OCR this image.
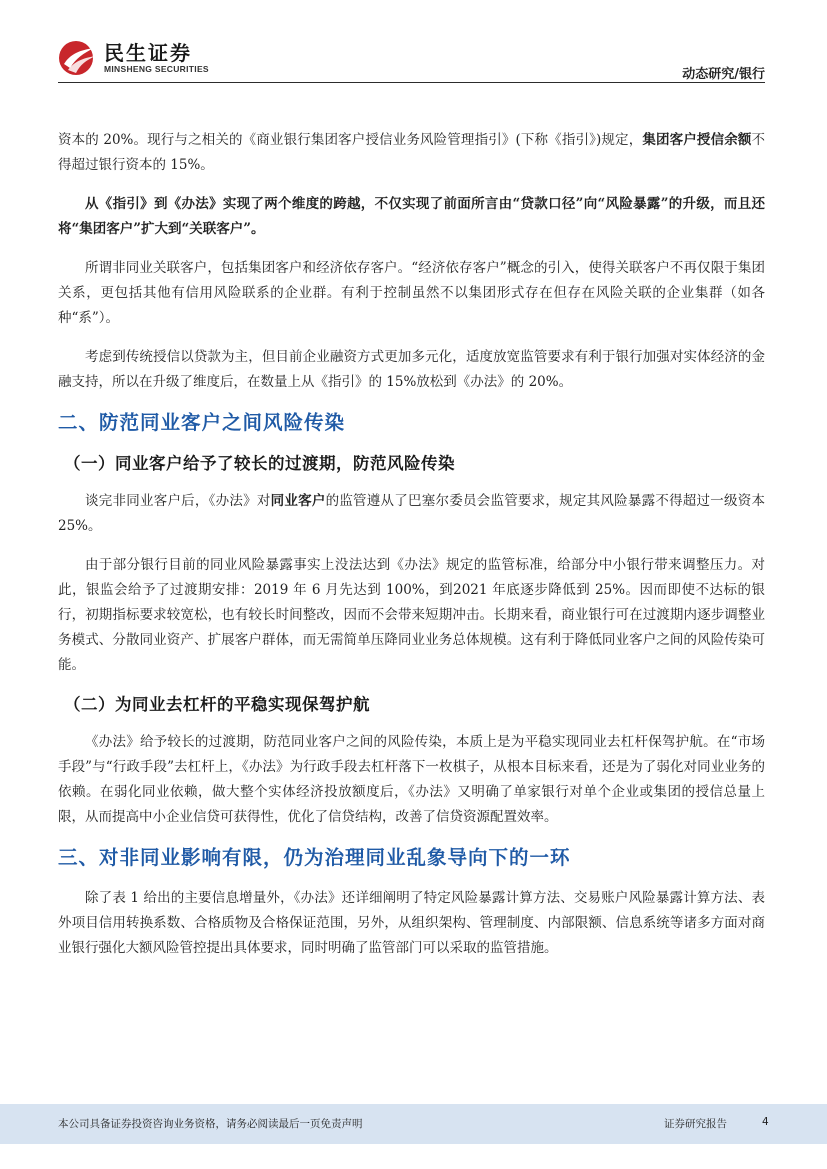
民生证券
MINSHENG SECURITIES	动态研究/银行

资本的 20%。现行与之相关的《商业银行集团客户授信业务风险管理指引》(下称《指引》)规定，集团客户授信余额不得超过银行资本的 15%。

从《指引》到《办法》实现了两个维度的跨越，不仅实现了前面所言由“贷款口径”向“风险暴露”的升级，而且还将“集团客户”扩大到“关联客户”。

所谓非同业关联客户，包括集团客户和经济依存客户。“经济依存客户”概念的引入，使得关联客户不再仅限于集团关系，更包括其他有信用风险联系的企业群。有利于控制虽然不以集团形式存在但存在风险关联的企业集群（如各种“系”）。

考虑到传统授信以贷款为主，但目前企业融资方式更加多元化，适度放宽监管要求有利于银行加强对实体经济的金融支持，所以在升级了维度后，在数量上从《指引》的 15%放松到《办法》的 20%。

二、防范同业客户之间风险传染
（一）同业客户给予了较长的过渡期，防范风险传染

谈完非同业客户后，《办法》对同业客户的监管遵从了巴塞尔委员会监管要求，规定其风险暴露不得超过一级资本 25%。

由于部分银行目前的同业风险暴露事实上没法达到《办法》规定的监管标准，给部分中小银行带来调整压力。对此，银监会给予了过渡期安排：2019 年 6 月先达到 100%，到2021 年底逐步降低到 25%。因而即使不达标的银行，初期指标要求较宽松，也有较长时间整改，因而不会带来短期冲击。长期来看，商业银行可在过渡期内逐步调整业务模式、分散同业资产、扩展客户群体，而无需简单压降同业业务总体规模。这有利于降低同业客户之间的风险传染可能。

（二）为同业去杠杆的平稳实现保驾护航

《办法》给予较长的过渡期，防范同业客户之间的风险传染，本质上是为平稳实现同业去杠杆保驾护航。在“市场手段”与“行政手段”去杠杆上，《办法》为行政手段去杠杆落下一枚棋子，从根本目标来看，还是为了弱化对同业业务的依赖。在弱化同业依赖，做大整个实体经济投放额度后，《办法》又明确了单家银行对单个企业或集团的授信总量上限，从而提高中小企业信贷可获得性，优化了信贷结构，改善了信贷资源配置效率。

三、对非同业影响有限，仍为治理同业乱象导向下的一环

除了表 1 给出的主要信息增量外，《办法》还详细阐明了特定风险暴露计算方法、交易账户风险暴露计算方法、表外项目信用转换系数、合格质物及合格保证范围，另外，从组织架构、管理制度、内部限额、信息系统等诸多方面对商业银行强化大额风险管控提出具体要求，同时明确了监管部门可以采取的监管措施。

本公司具备证券投资咨询业务资格，请务必阅读最后一页免责声明	证券研究报告	4
